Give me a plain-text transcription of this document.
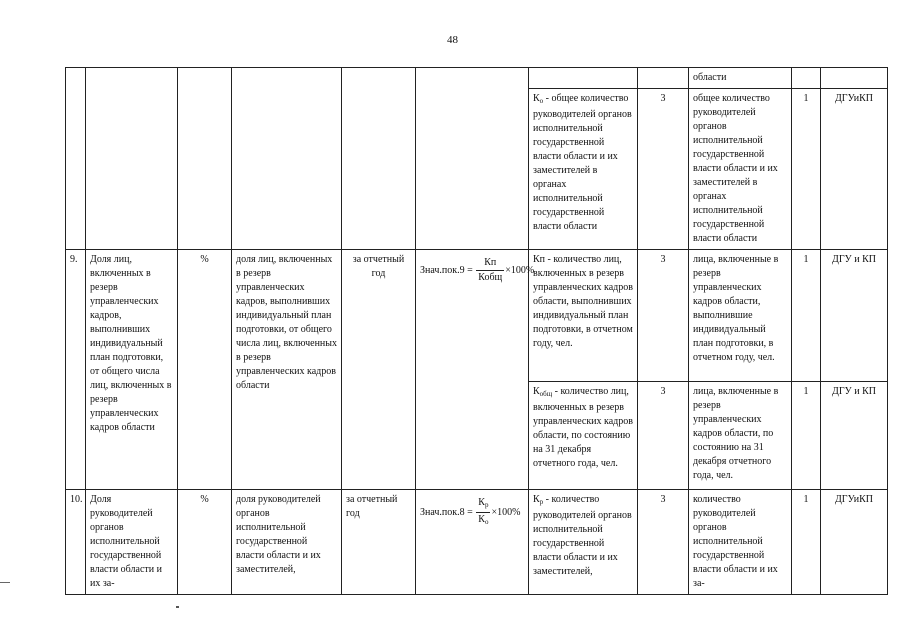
48
								области		
						$К_о$ - общее количество руководителей органов исполнительной государственной власти области и их заместителей в органах исполнительной государственной власти области	3	общее количество руководителей органов исполнительной государственной власти области и их заместителей в органах исполнительной государственной власти области	1	ДГУиКП
9.	Доля лиц, включенных в резерв управленческих кадров, выполнивших индивидуальный план подготовки, от общего числа лиц, включенных в резерв управленческих кадров области	%	доля лиц, включенных в резерв управленческих кадров, выполнивших индивидуальный план подготовки, от общего числа лиц, включенных в резерв управленческих кадров области	за отчетный год	Знач.пок.9 = $\frac{Кп}{\text{Кобщ}} \times 100\%$	Кп - количество лиц, включенных в резерв управленческих кадров области, выполнивших индивидуальный план подготовки, в отчетном году, чел.	3	лица, включенные в резерв управленческих кадров области, выполнившие индивидуальный план подготовки, в отчетном году, чел.	1	ДГУ и КП
						$К_{общ}$ - количество лиц, включенных в резерв управленческих кадров области, по состоянию на 31 декабря отчетного года, чел.	3	лица, включенные в резерв управленческих кадров области, по состоянию на 31 декабря отчетного года, чел.	1	ДГУ и КП
10.	Доля руководителей органов исполнительной государственной власти области и их за-	%	доля руководителей органов исполнительной государственной власти области и их заместителей,	за отчетный год	Знач.пок.8 = $\frac{К_р}{К_о} \times 100\%$	$К_р$ - количество руководителей органов исполнительной государственной власти области и их заместителей,	3	количество руководителей органов исполнительной государственной власти области и их за-	1	ДГУиКП
